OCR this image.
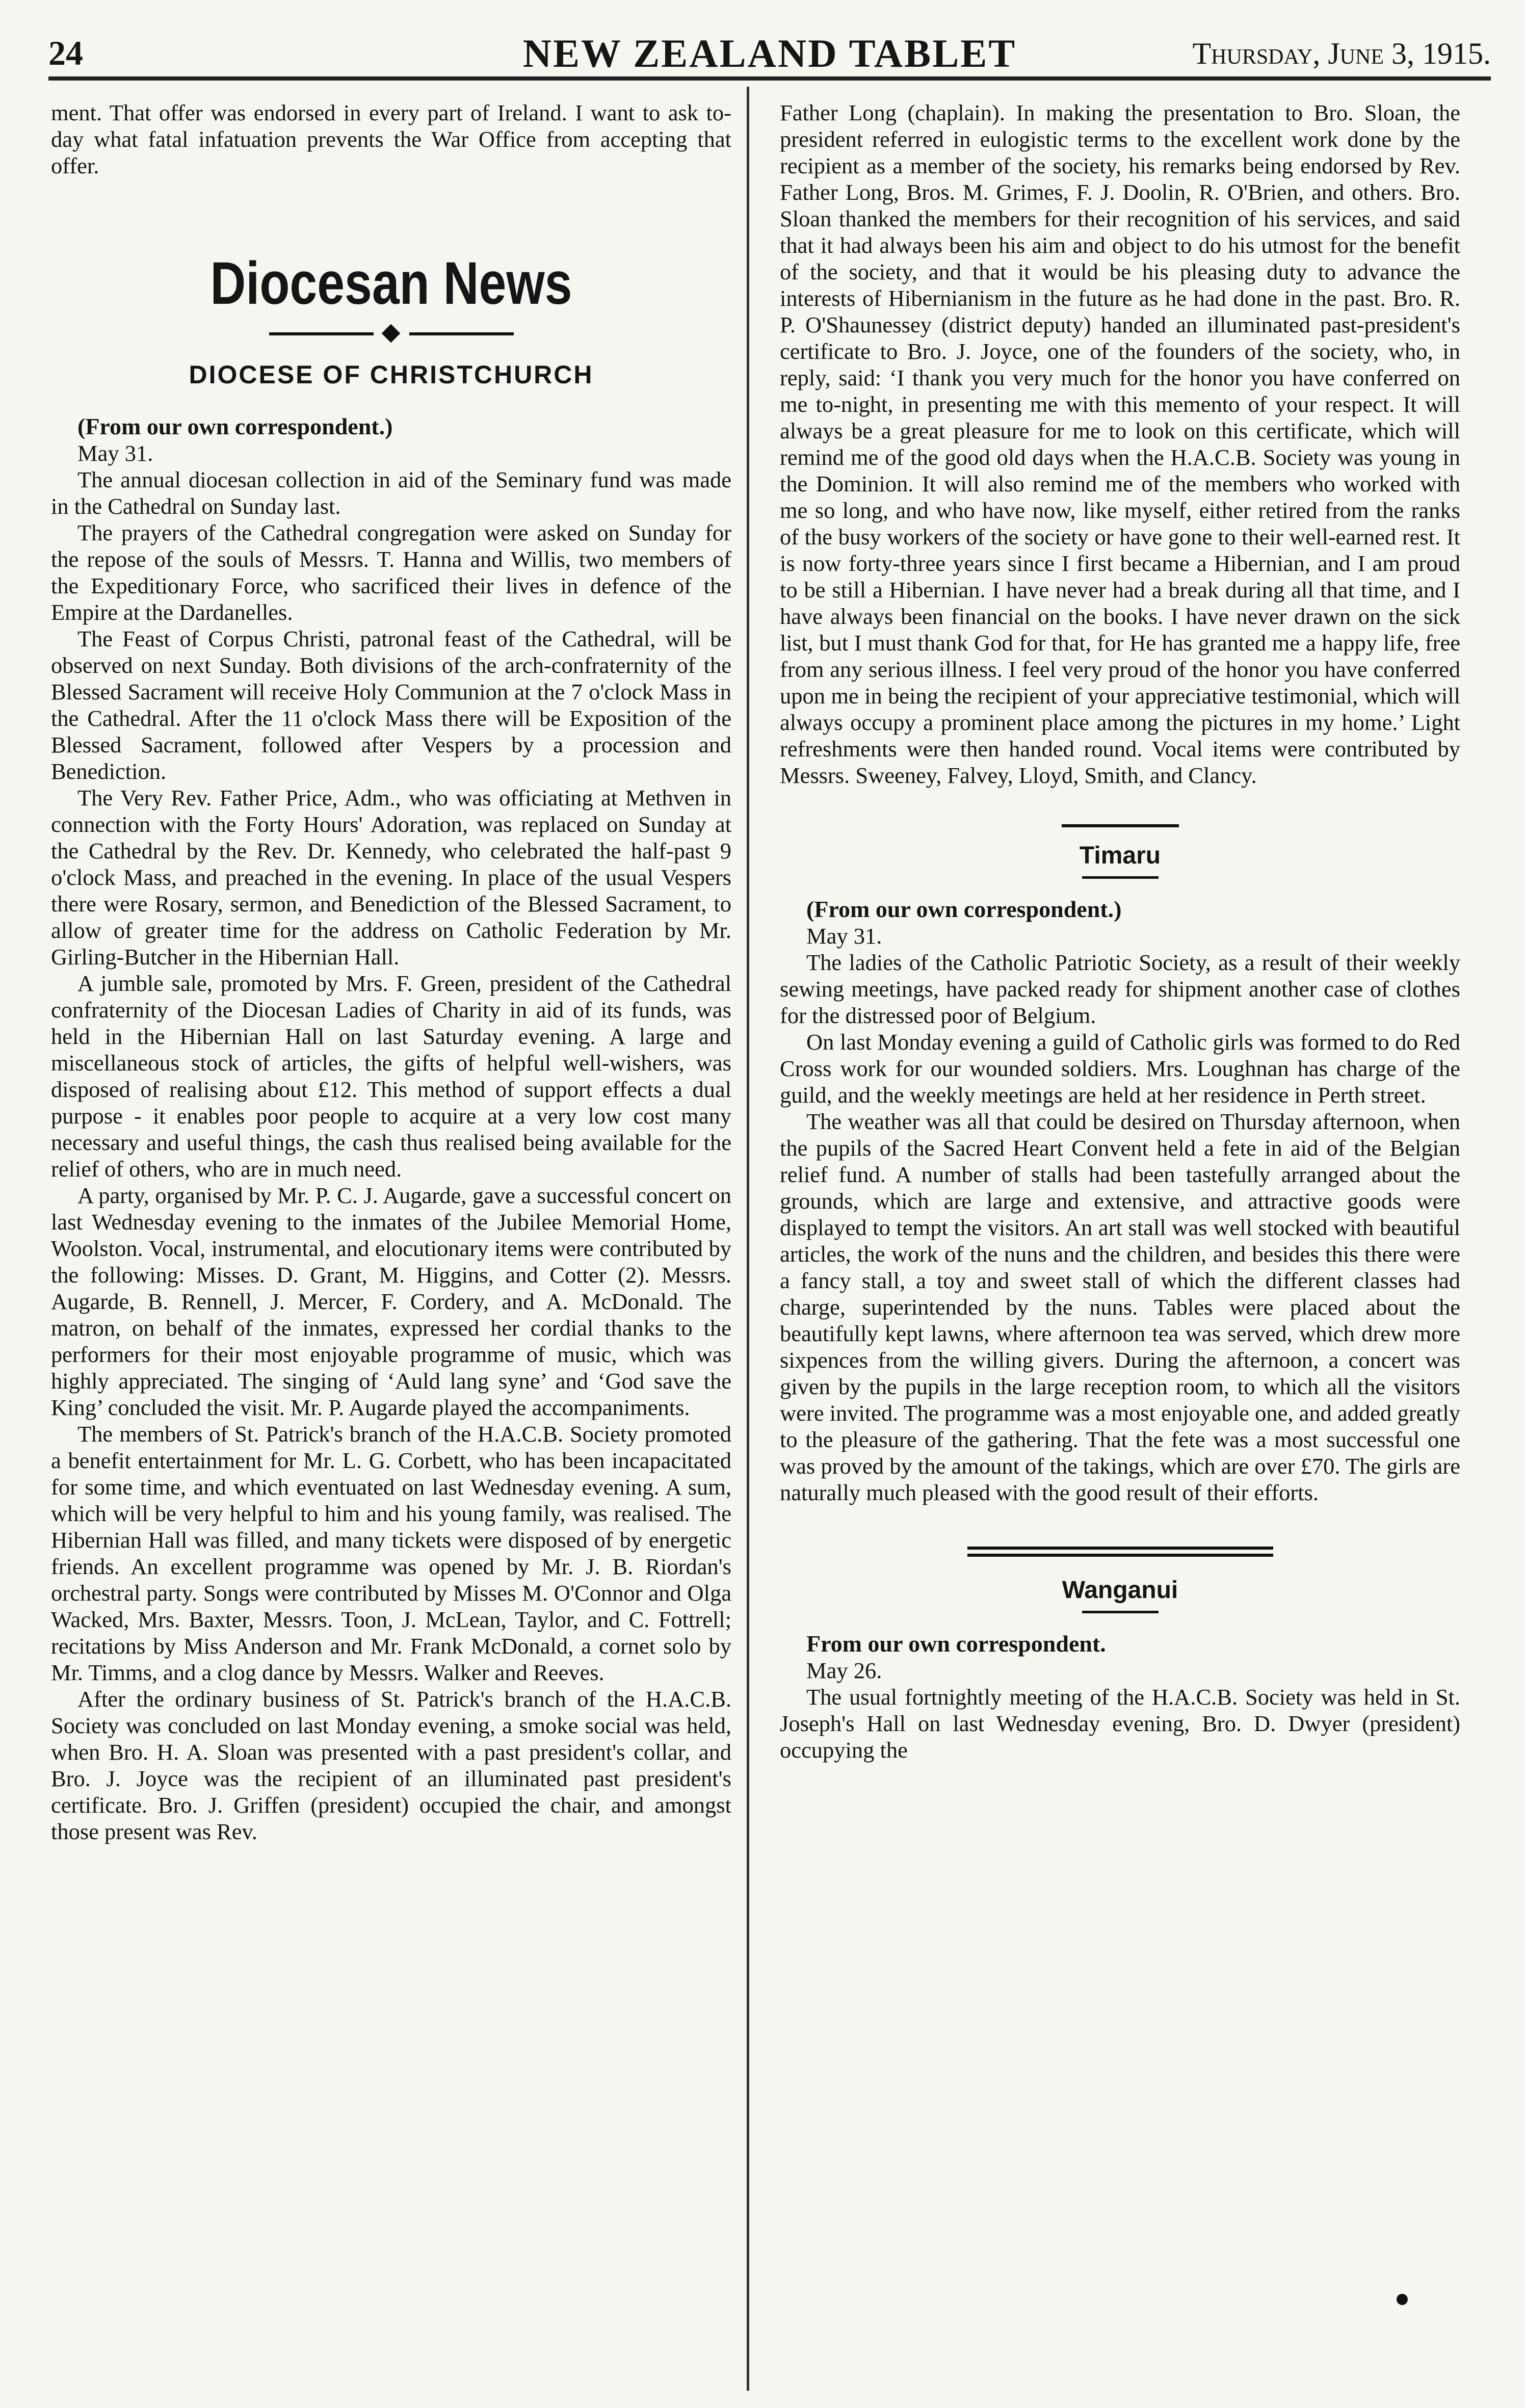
24	NEW ZEALAND TABLET	Thursday, June 3, 1915.

ment. That offer was endorsed in every part of Ireland. I want to ask to-day what fatal infatuation prevents the War Office from accepting that offer.

Diocesan News
DIOCESE OF CHRISTCHURCH

(From our own correspondent.)

May 31.

The annual diocesan collection in aid of the Seminary fund was made in the Cathedral on Sunday last.

The prayers of the Cathedral congregation were asked on Sunday for the repose of the souls of Messrs. T. Hanna and Willis, two members of the Expeditionary Force, who sacrificed their lives in defence of the Empire at the Dardanelles.

The Feast of Corpus Christi, patronal feast of the Cathedral, will be observed on next Sunday. Both divisions of the arch-confraternity of the Blessed Sacrament will receive Holy Communion at the 7 o'clock Mass in the Cathedral. After the 11 o'clock Mass there will be Exposition of the Blessed Sacrament, followed after Vespers by a procession and Benediction.

The Very Rev. Father Price, Adm., who was officiating at Methven in connection with the Forty Hours' Adoration, was replaced on Sunday at the Cathedral by the Rev. Dr. Kennedy, who celebrated the half-past 9 o'clock Mass, and preached in the evening. In place of the usual Vespers there were Rosary, sermon, and Benediction of the Blessed Sacrament, to allow of greater time for the address on Catholic Federation by Mr. Girling-Butcher in the Hibernian Hall.

A jumble sale, promoted by Mrs. F. Green, president of the Cathedral confraternity of the Diocesan Ladies of Charity in aid of its funds, was held in the Hibernian Hall on last Saturday evening. A large and miscellaneous stock of articles, the gifts of helpful well-wishers, was disposed of realising about £12. This method of support effects a dual purpose - it enables poor people to acquire at a very low cost many necessary and useful things, the cash thus realised being available for the relief of others, who are in much need.

A party, organised by Mr. P. C. J. Augarde, gave a successful concert on last Wednesday evening to the inmates of the Jubilee Memorial Home, Woolston. Vocal, instrumental, and elocutionary items were contributed by the following: Misses. D. Grant, M. Higgins, and Cotter (2). Messrs. Augarde, B. Rennell, J. Mercer, F. Cordery, and A. McDonald. The matron, on behalf of the inmates, expressed her cordial thanks to the performers for their most enjoyable programme of music, which was highly appreciated. The singing of ‘Auld lang syne’ and ‘God save the King’ concluded the visit. Mr. P. Augarde played the accompaniments.

The members of St. Patrick's branch of the H.A.C.B. Society promoted a benefit entertainment for Mr. L. G. Corbett, who has been incapacitated for some time, and which eventuated on last Wednesday evening. A sum, which will be very helpful to him and his young family, was realised. The Hibernian Hall was filled, and many tickets were disposed of by energetic friends. An excellent programme was opened by Mr. J. B. Riordan's orchestral party. Songs were contributed by Misses M. O'Connor and Olga Wacked, Mrs. Baxter, Messrs. Toon, J. McLean, Taylor, and C. Fottrell; recitations by Miss Anderson and Mr. Frank McDonald, a cornet solo by Mr. Timms, and a clog dance by Messrs. Walker and Reeves.

After the ordinary business of St. Patrick's branch of the H.A.C.B. Society was concluded on last Monday evening, a smoke social was held, when Bro. H. A. Sloan was presented with a past president's collar, and Bro. J. Joyce was the recipient of an illuminated past president's certificate. Bro. J. Griffen (president) occupied the chair, and amongst those present was Rev.

Father Long (chaplain). In making the presentation to Bro. Sloan, the president referred in eulogistic terms to the excellent work done by the recipient as a member of the society, his remarks being endorsed by Rev. Father Long, Bros. M. Grimes, F. J. Doolin, R. O'Brien, and others. Bro. Sloan thanked the members for their recognition of his services, and said that it had always been his aim and object to do his utmost for the benefit of the society, and that it would be his pleasing duty to advance the interests of Hibernianism in the future as he had done in the past. Bro. R. P. O'Shaunessey (district deputy) handed an illuminated past-president's certificate to Bro. J. Joyce, one of the founders of the society, who, in reply, said: ‘I thank you very much for the honor you have conferred on me to-night, in presenting me with this memento of your respect. It will always be a great pleasure for me to look on this certificate, which will remind me of the good old days when the H.A.C.B. Society was young in the Dominion. It will also remind me of the members who worked with me so long, and who have now, like myself, either retired from the ranks of the busy workers of the society or have gone to their well-earned rest. It is now forty-three years since I first became a Hibernian, and I am proud to be still a Hibernian. I have never had a break during all that time, and I have always been financial on the books. I have never drawn on the sick list, but I must thank God for that, for He has granted me a happy life, free from any serious illness. I feel very proud of the honor you have conferred upon me in being the recipient of your appreciative testimonial, which will always occupy a prominent place among the pictures in my home.’ Light refreshments were then handed round. Vocal items were contributed by Messrs. Sweeney, Falvey, Lloyd, Smith, and Clancy.

Timaru

(From our own correspondent.)

May 31.

The ladies of the Catholic Patriotic Society, as a result of their weekly sewing meetings, have packed ready for shipment another case of clothes for the distressed poor of Belgium.

On last Monday evening a guild of Catholic girls was formed to do Red Cross work for our wounded soldiers. Mrs. Loughnan has charge of the guild, and the weekly meetings are held at her residence in Perth street.

The weather was all that could be desired on Thursday afternoon, when the pupils of the Sacred Heart Convent held a fete in aid of the Belgian relief fund. A number of stalls had been tastefully arranged about the grounds, which are large and extensive, and attractive goods were displayed to tempt the visitors. An art stall was well stocked with beautiful articles, the work of the nuns and the children, and besides this there were a fancy stall, a toy and sweet stall of which the different classes had charge, superintended by the nuns. Tables were placed about the beautifully kept lawns, where afternoon tea was served, which drew more sixpences from the willing givers. During the afternoon, a concert was given by the pupils in the large reception room, to which all the visitors were invited. The programme was a most enjoyable one, and added greatly to the pleasure of the gathering. That the fete was a most successful one was proved by the amount of the takings, which are over £70. The girls are naturally much pleased with the good result of their efforts.

Wanganui

From our own correspondent.

May 26.

The usual fortnightly meeting of the H.A.C.B. Society was held in St. Joseph's Hall on last Wednesday evening, Bro. D. Dwyer (president) occupying the
